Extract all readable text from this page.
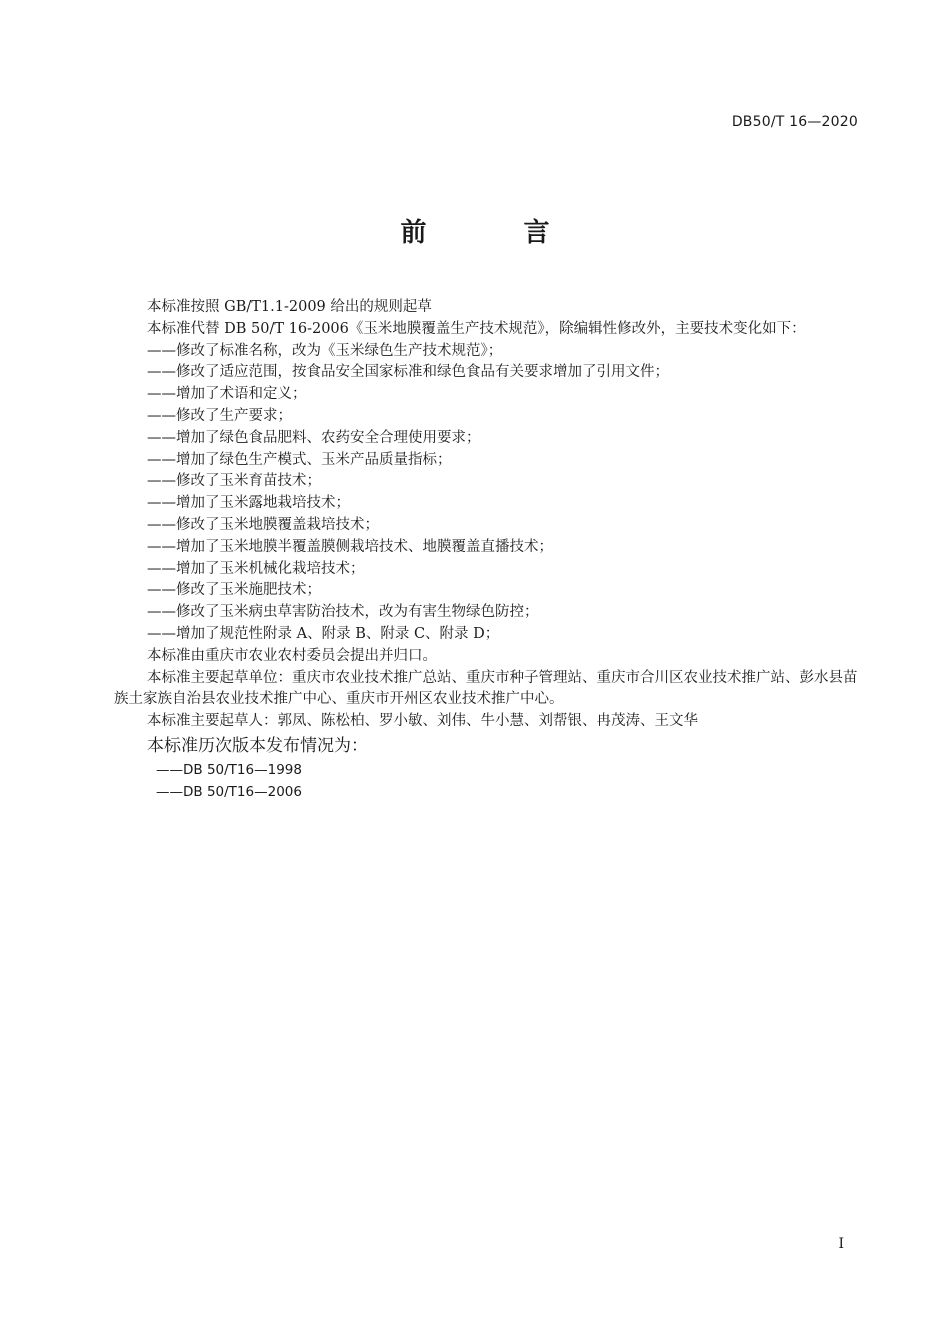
DB50/T 16—2020
前 言

本标准按照 GB/T1.1-2009 给出的规则起草

本标准代替 DB 50/T 16-2006《玉米地膜覆盖生产技术规范》，除编辑性修改外，主要技术变化如下：

——修改了标准名称，改为《玉米绿色生产技术规范》；

——修改了适应范围，按食品安全国家标准和绿色食品有关要求增加了引用文件；

——增加了术语和定义；

——修改了生产要求；

——增加了绿色食品肥料、农药安全合理使用要求；

——增加了绿色生产模式、玉米产品质量指标；

——修改了玉米育苗技术；

——增加了玉米露地栽培技术；

——修改了玉米地膜覆盖栽培技术；

——增加了玉米地膜半覆盖膜侧栽培技术、地膜覆盖直播技术；

——增加了玉米机械化栽培技术；

——修改了玉米施肥技术；

——修改了玉米病虫草害防治技术，改为有害生物绿色防控；

——增加了规范性附录 A、附录 B、附录 C、附录 D；

本标准由重庆市农业农村委员会提出并归口。

本标准主要起草单位：重庆市农业技术推广总站、重庆市种子管理站、重庆市合川区农业技术推广站、彭水县苗族土家族自治县农业技术推广中心、重庆市开州区农业技术推广中心。

本标准主要起草人：郭凤、陈松柏、罗小敏、刘伟、牛小慧、刘帮银、冉茂涛、王文华

本标准历次版本发布情况为：

——DB 50/T16—1998

——DB 50/T16—2006

I
